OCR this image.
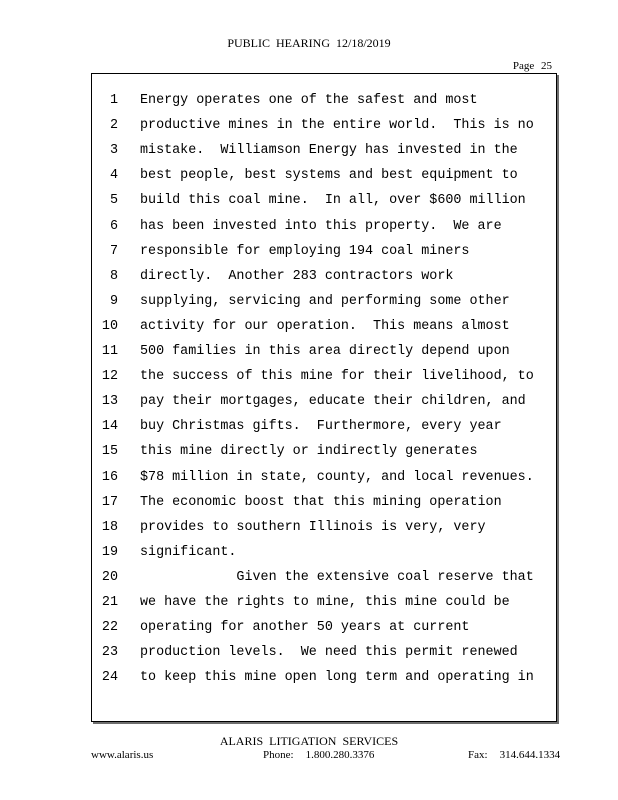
PUBLIC HEARING 12/18/2019
Page 25
1 Energy operates one of the safest and most
2 productive mines in the entire world.  This is no
3 mistake.  Williamson Energy has invested in the
4 best people, best systems and best equipment to
5 build this coal mine.  In all, over $600 million
6 has been invested into this property.  We are
7 responsible for employing 194 coal miners
8 directly.  Another 283 contractors work
9 supplying, servicing and performing some other
10 activity for our operation.  This means almost
11 500 families in this area directly depend upon
12 the success of this mine for their livelihood, to
13 pay their mortgages, educate their children, and
14 buy Christmas gifts.  Furthermore, every year
15 this mine directly or indirectly generates
16 $78 million in state, county, and local revenues.
17 The economic boost that this mining operation
18 provides to southern Illinois is very, very
19 significant.
20 Given the extensive coal reserve that
21 we have the rights to mine, this mine could be
22 operating for another 50 years at current
23 production levels.  We need this permit renewed
24 to keep this mine open long term and operating in
ALARIS LITIGATION SERVICES
www.alaris.us	Phone: 1.800.280.3376	Fax: 314.644.1334
